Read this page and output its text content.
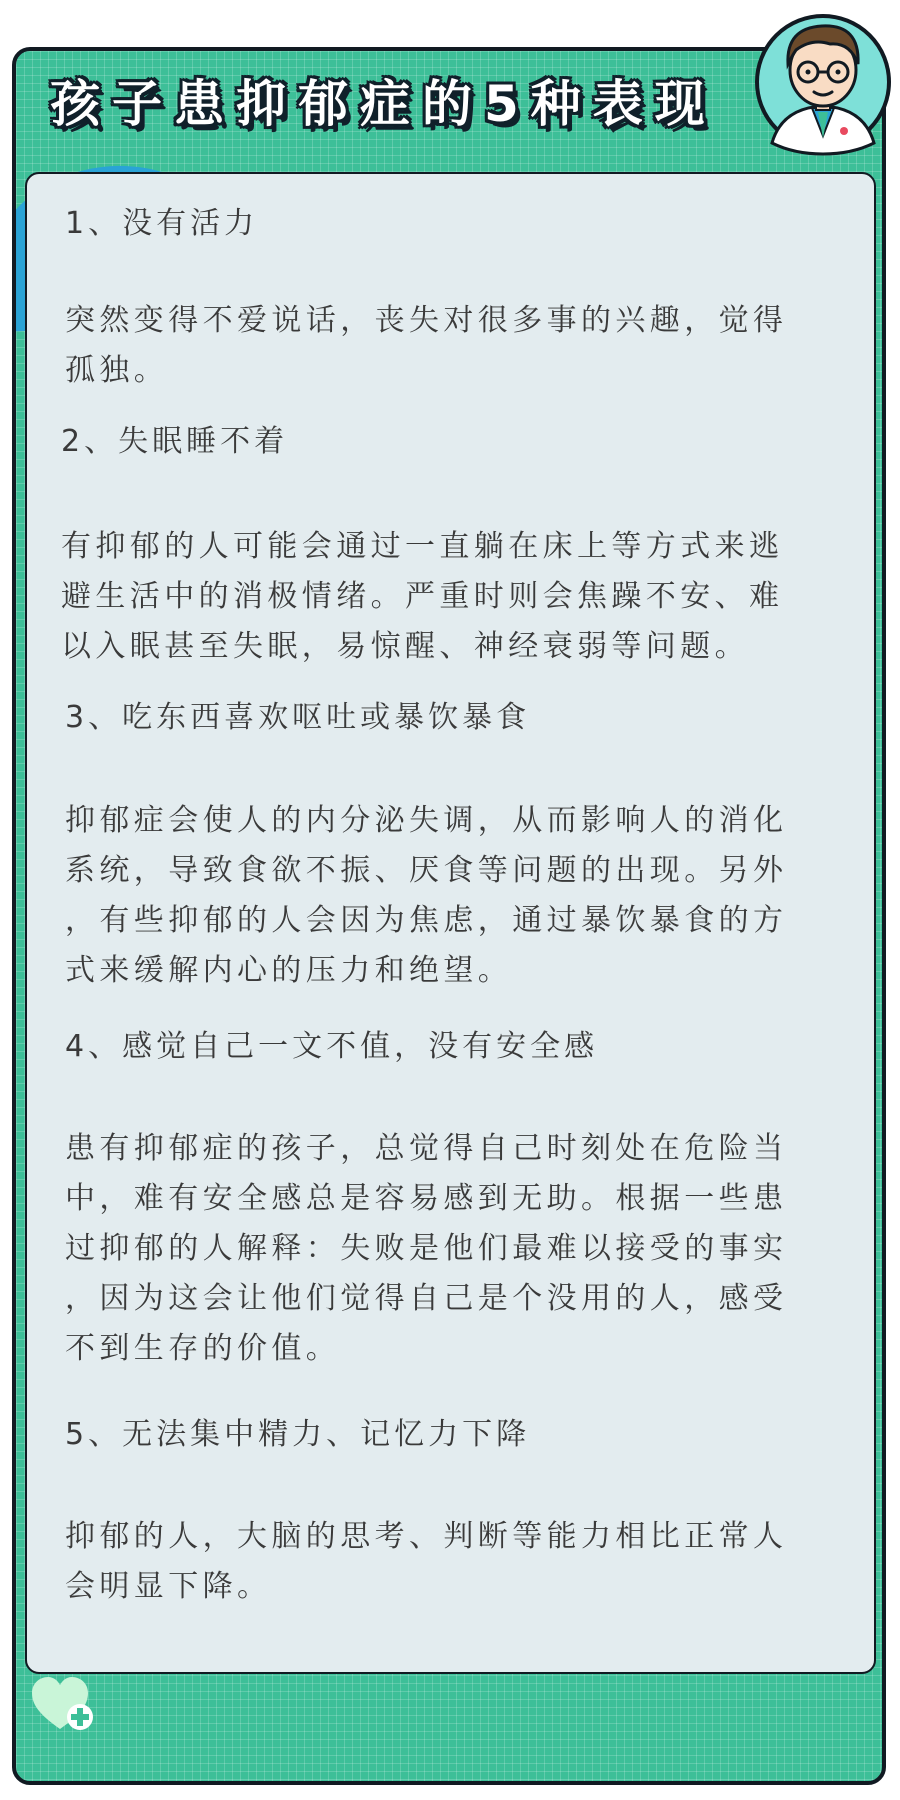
孩子患抑郁症的5种表现

1、没有活力

突然变得不爱说话，丧失对很多事的兴趣，觉得

孤独。

2、失眠睡不着

有抑郁的人可能会通过一直躺在床上等方式来逃

避生活中的消极情绪。严重时则会焦躁不安、难

以入眠甚至失眠，易惊醒、神经衰弱等问题。

3、吃东西喜欢呕吐或暴饮暴食

抑郁症会使人的内分泌失调，从而影响人的消化

系统，导致食欲不振、厌食等问题的出现。另外

，有些抑郁的人会因为焦虑，通过暴饮暴食的方

式来缓解内心的压力和绝望。

4、感觉自己一文不值，没有安全感

患有抑郁症的孩子，总觉得自己时刻处在危险当

中，难有安全感总是容易感到无助。根据一些患

过抑郁的人解释：失败是他们最难以接受的事实

，因为这会让他们觉得自己是个没用的人，感受

不到生存的价值。

5、无法集中精力、记忆力下降

抑郁的人，大脑的思考、判断等能力相比正常人

会明显下降。
